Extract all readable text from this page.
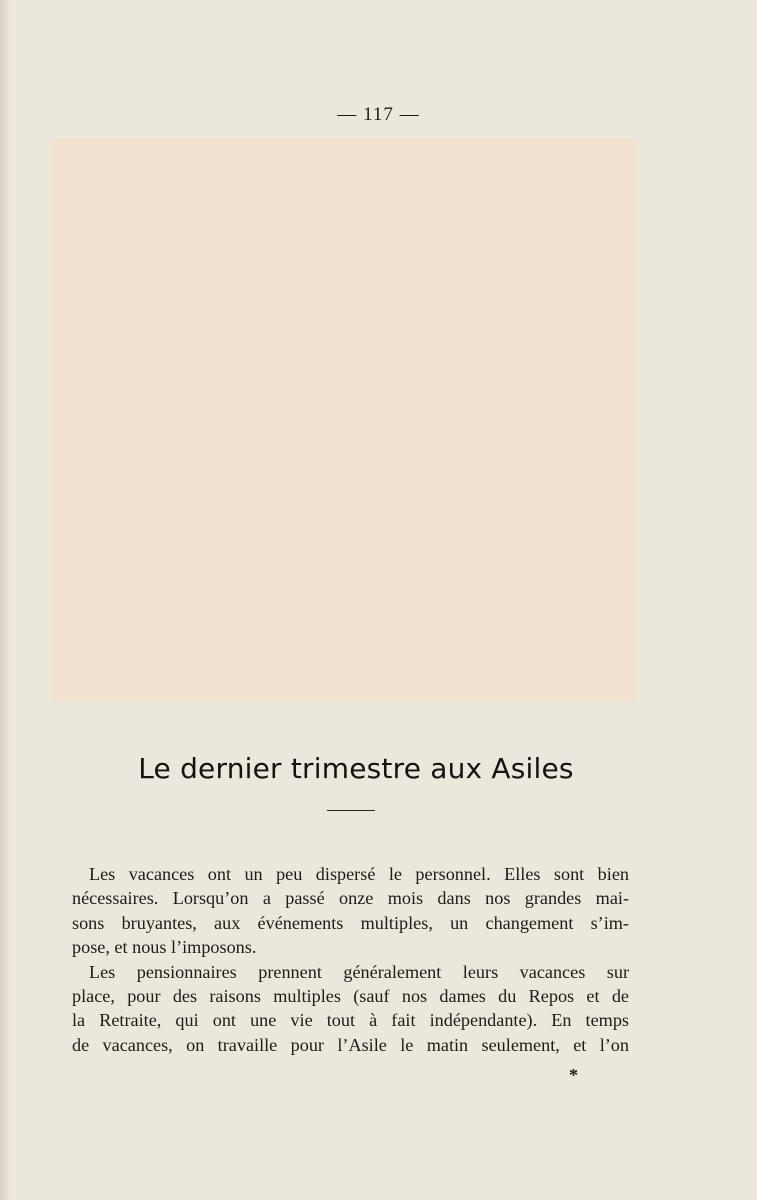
— 117 —
Le dernier trimestre aux Asiles
Les vacances ont un peu dispersé le personnel. Elles sont bien
nécessaires. Lorsqu’on a passé onze mois dans nos grandes mai-
sons bruyantes, aux événements multiples, un changement s’im-
pose, et nous l’imposons.
Les pensionnaires prennent généralement leurs vacances sur
place, pour des raisons multiples (sauf nos dames du Repos et de
la Retraite, qui ont une vie tout à fait indépendante). En temps
de vacances, on travaille pour l’Asile le matin seulement, et l’on
*
